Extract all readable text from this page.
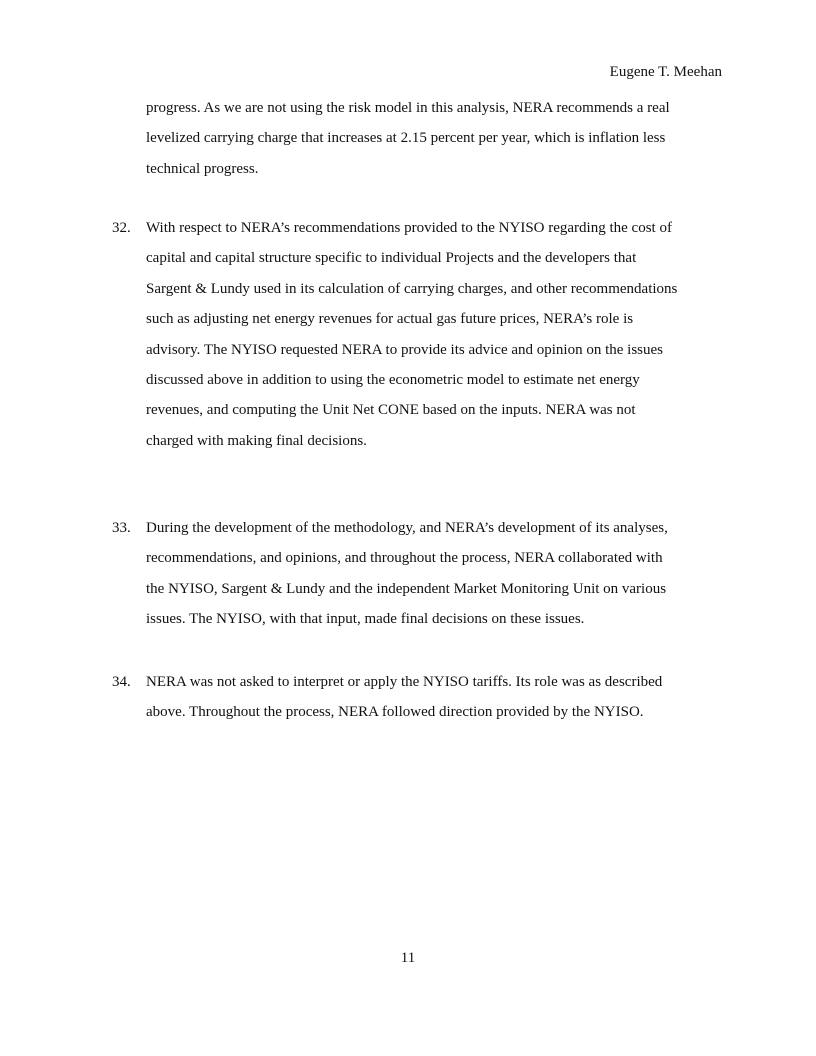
Eugene T. Meehan
progress. As we are not using the risk model in this analysis, NERA recommends a real
levelized carrying charge that increases at 2.15 percent per year, which is inflation less
technical progress.
32. With respect to NERA’s recommendations provided to the NYISO regarding the cost of
capital and capital structure specific to individual Projects and the developers that
Sargent & Lundy used in its calculation of carrying charges, and other recommendations
such as adjusting net energy revenues for actual gas future prices, NERA’s role is
advisory. The NYISO requested NERA to provide its advice and opinion on the issues
discussed above in addition to using the econometric model to estimate net energy
revenues, and computing the Unit Net CONE based on the inputs. NERA was not
charged with making final decisions.
33. During the development of the methodology, and NERA’s development of its analyses,
recommendations, and opinions, and throughout the process, NERA collaborated with
the NYISO, Sargent & Lundy and the independent Market Monitoring Unit on various
issues. The NYISO, with that input, made final decisions on these issues.
34. NERA was not asked to interpret or apply the NYISO tariffs. Its role was as described
above. Throughout the process, NERA followed direction provided by the NYISO.
11
